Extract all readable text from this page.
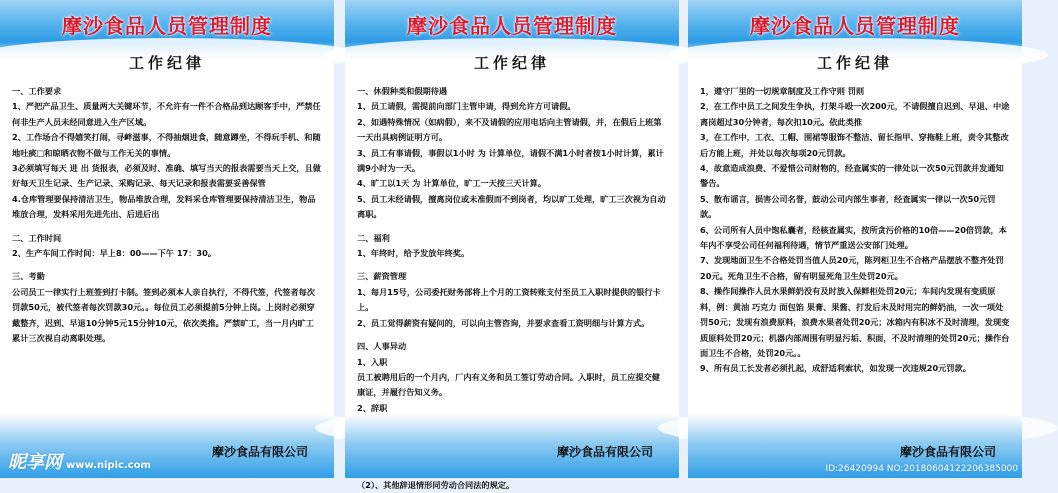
摩沙食品人员管理制度
工作纪律

一、工作要求

1、严把产品卫生、质量两大关键环节，不允许有一件不合格品到达顾客手中，严禁任何非生产人员未经同意进入生产区域。

2、工作场合不得嬉笑打闹，寻衅滋事，不得抽烟进食，随意蹲坐，不得玩手机、和随地吐痰□和晾晒衣物不做与工作无关的事情。

3必须填写每天 进 出 货报表，必须及时、准确、填写当天的报表需要当天上交，且做好每天卫生记录、生产记录、采购记录、每天记录和报表需要妥善保管

4.仓库管理要保持清洁卫生，物品堆放合理，发料采仓库管理要保持清洁卫生，物品堆放合理，发料采用先进先出、后进后出

二、工作时间

2、生产车间工作时间：早上8：00——下午 17：30。

三、考勤

公司员工一律实行上班签到打卡制。签到必须本人亲自执行，不得代签，代签者每次罚款50元，被代签者每次罚款30元。。每位员工必须提前5分钟上岗。上岗时必须穿戴整齐，迟到、早退10分钟5元15分钟10元，依次类推。严禁旷工，当一月内旷工累计三次视自动离职处理。

摩沙食品有限公司
摩沙食品人员管理制度
工作纪律

一、休假种类和假期待遇

1、员工请假，需提前向部门主管申请，得到允许方可请假。

2、如遇特殊情况（如病假），来不及请假的应用电话向主管请假，并，在假后上班第一天出具病例证明方可。

3、员工有事请假，事假以1小时 为 计算单位，请假不满1小时者按1小时计算，累计满9小时为一天。

4、旷工以1天 为 计算单位，旷工一天按三天计算。

5、员工未经请假，擅离岗位或未准假而不到岗者，均以旷工处理，旷工三次视为自动离职。

二、福利

1、年终时，给予发放年终奖。

三、薪资管理

1、每月15号，公司委托财务部将上个月的工资转账支付至员工入职时提供的银行卡上。

2、员工觉得薪资有疑问的，可以向主管咨询，并要求查看工资明细与计算方式。

四、人事异动

1、入职

员工被聘用后的一个月内，厂内有义务和员工签订劳动合同。入职时，员工应提交健康证，并履行告知义务。

2、辞职

（2）、其他辞退情形同劳动合同法的规定。

摩沙食品有限公司
摩沙食品人员管理制度
工作纪律

1，遵守厂里的一切规章制度及工作守则 罚则

2，在工作中员工之间发生争执，打架斗殴一次200元，不请假擅自迟到、早退、中途离岗超过30分钟者，每次扣10元。依此类推

3，在工作中，工衣、工帽、围裙等服饰不整洁、留长指甲、穿拖鞋上班，责令其整改后方能上班，并处以每次每项20元罚款。

4，故意造成浪费、不爱惜公司财物的，经查属实的一律处以一次50元罚款并发通知警告。

5、散布谣言，损害公司名誉，鼓动公司内部生事者，经查属实一律以一次50元罚款。

6、公司所有人员中饱私囊者，经核查属实，按所贪污价格的10倍——20倍罚款，本年内不享受公司任何福利待遇，情节严重送公安部门处理。

7、发现地面卫生不合格处罚当值人员20元，陈列柜卫生不合格产品摆放不整齐处罚20元。死角卫生不合格，留有明显死角卫生处罚20元。

8、操作间操作人员水果鲜奶没有及时放入保鲜柜处罚20元；车间内发现有变质原料，例：黄油 巧克力 面包馅 果膏、果酱、打发后未及时用完的鲜奶油，一次一项处罚50元；发现有浪费原料，浪费水果者处罚20元；冰箱内有积冰不及时清理，发现变质原料处罚20元；机器内部周围有明显污垢、积面，不及时清理的处罚20元；操作台面卫生不合格，处罚20元。。

9、所有员工长发者必须扎起，成舒适利索状，如发现一次违规20元罚款。

摩沙食品有限公司
昵享网 www.nipic.com	ID:26420994 NO:20180604122206385000
